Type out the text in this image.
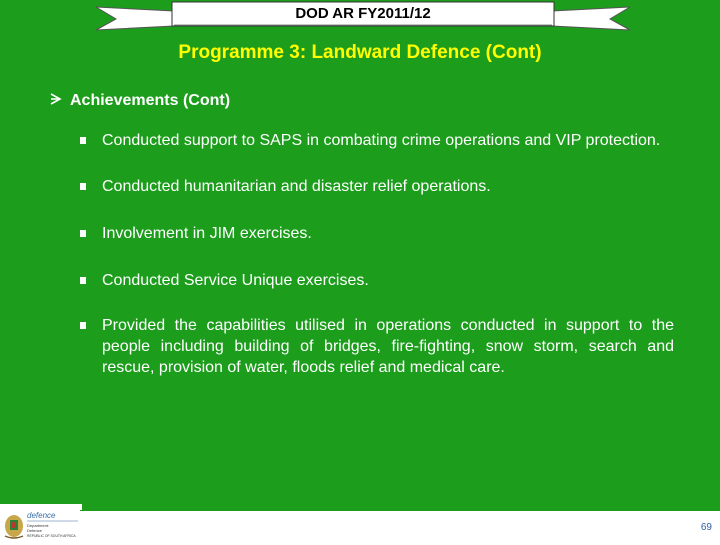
DOD AR FY2011/12
Programme 3: Landward Defence (Cont)
Achievements (Cont)
Conducted support to SAPS in combating crime operations and VIP protection.
Conducted humanitarian and disaster relief operations.
Involvement in JIM exercises.
Conducted Service Unique exercises.
Provided the capabilities utilised in operations conducted in support to the people including building of bridges, fire-fighting, snow storm, search and rescue, provision of water, floods relief and medical care.
defence
Department:
Defence
REPUBLIC OF SOUTH AFRICA
69
